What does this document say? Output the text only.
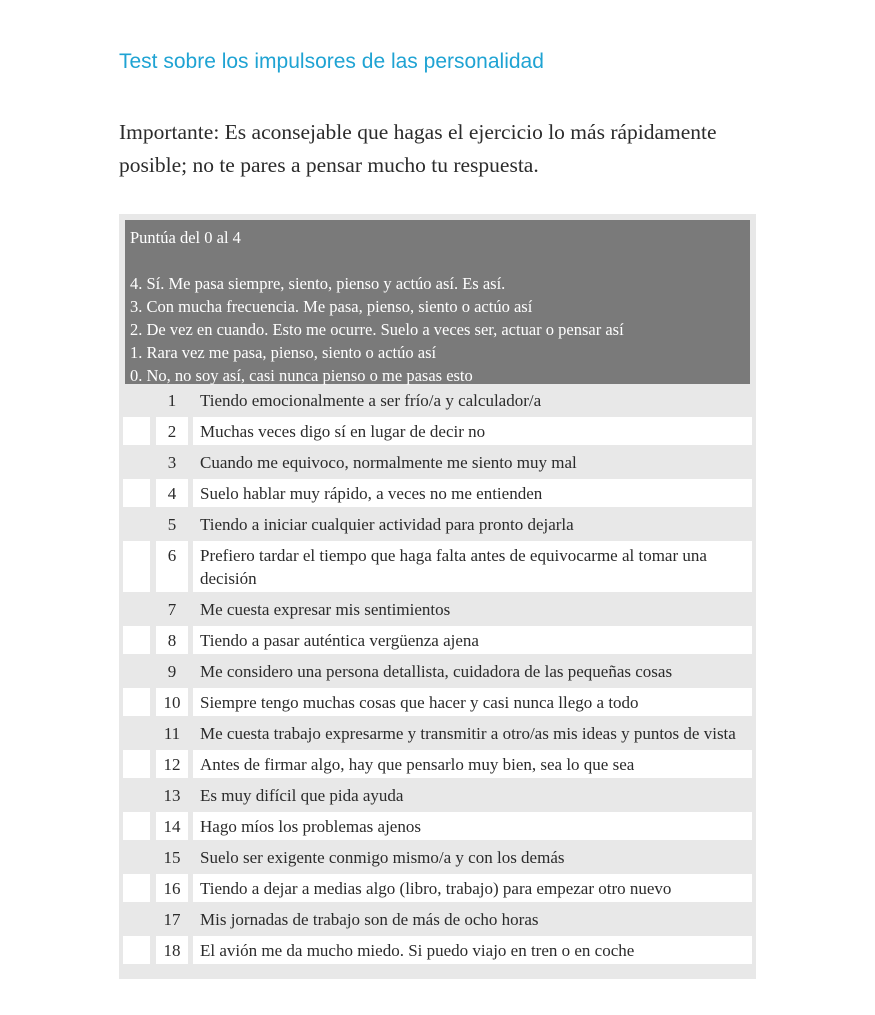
Test sobre los impulsores de las personalidad
Importante: Es aconsejable que hagas el ejercicio lo más rápidamente posible; no te pares a pensar mucho tu respuesta.
Puntúa del 0 al 4
4. Sí. Me pasa siempre, siento, pienso y actúo así. Es así.
3. Con mucha frecuencia. Me pasa, pienso, siento o actúo así
2. De vez en cuando. Esto me ocurre. Suelo a veces ser, actuar o pensar así
1. Rara vez me pasa, pienso, siento o actúo así
0. No, no soy así, casi nunca pienso o me pasas esto
1	Tiendo emocionalmente a ser frío/a y calculador/a
2	Muchas veces digo sí en lugar de decir no
3	Cuando me equivoco, normalmente me siento muy mal
4	Suelo hablar muy rápido, a veces no me entienden
5	Tiendo a iniciar cualquier actividad para pronto dejarla
6	Prefiero tardar el tiempo que haga falta antes de equivocarme al tomar una decisión
7	Me cuesta expresar mis sentimientos
8	Tiendo a pasar auténtica vergüenza ajena
9	Me considero una persona detallista, cuidadora de las pequeñas cosas
10	Siempre tengo muchas cosas que hacer y casi nunca llego a todo
11	Me cuesta trabajo expresarme y transmitir a otro/as mis ideas y puntos de vista
12	Antes de firmar algo, hay que pensarlo muy bien, sea lo que sea
13	Es muy difícil que pida ayuda
14	Hago míos los problemas ajenos
15	Suelo ser exigente conmigo mismo/a y con los demás
16	Tiendo a dejar a medias algo (libro, trabajo) para empezar otro nuevo
17	Mis jornadas de trabajo son de más de ocho horas
18	El avión me da mucho miedo. Si puedo viajo en tren o en coche
